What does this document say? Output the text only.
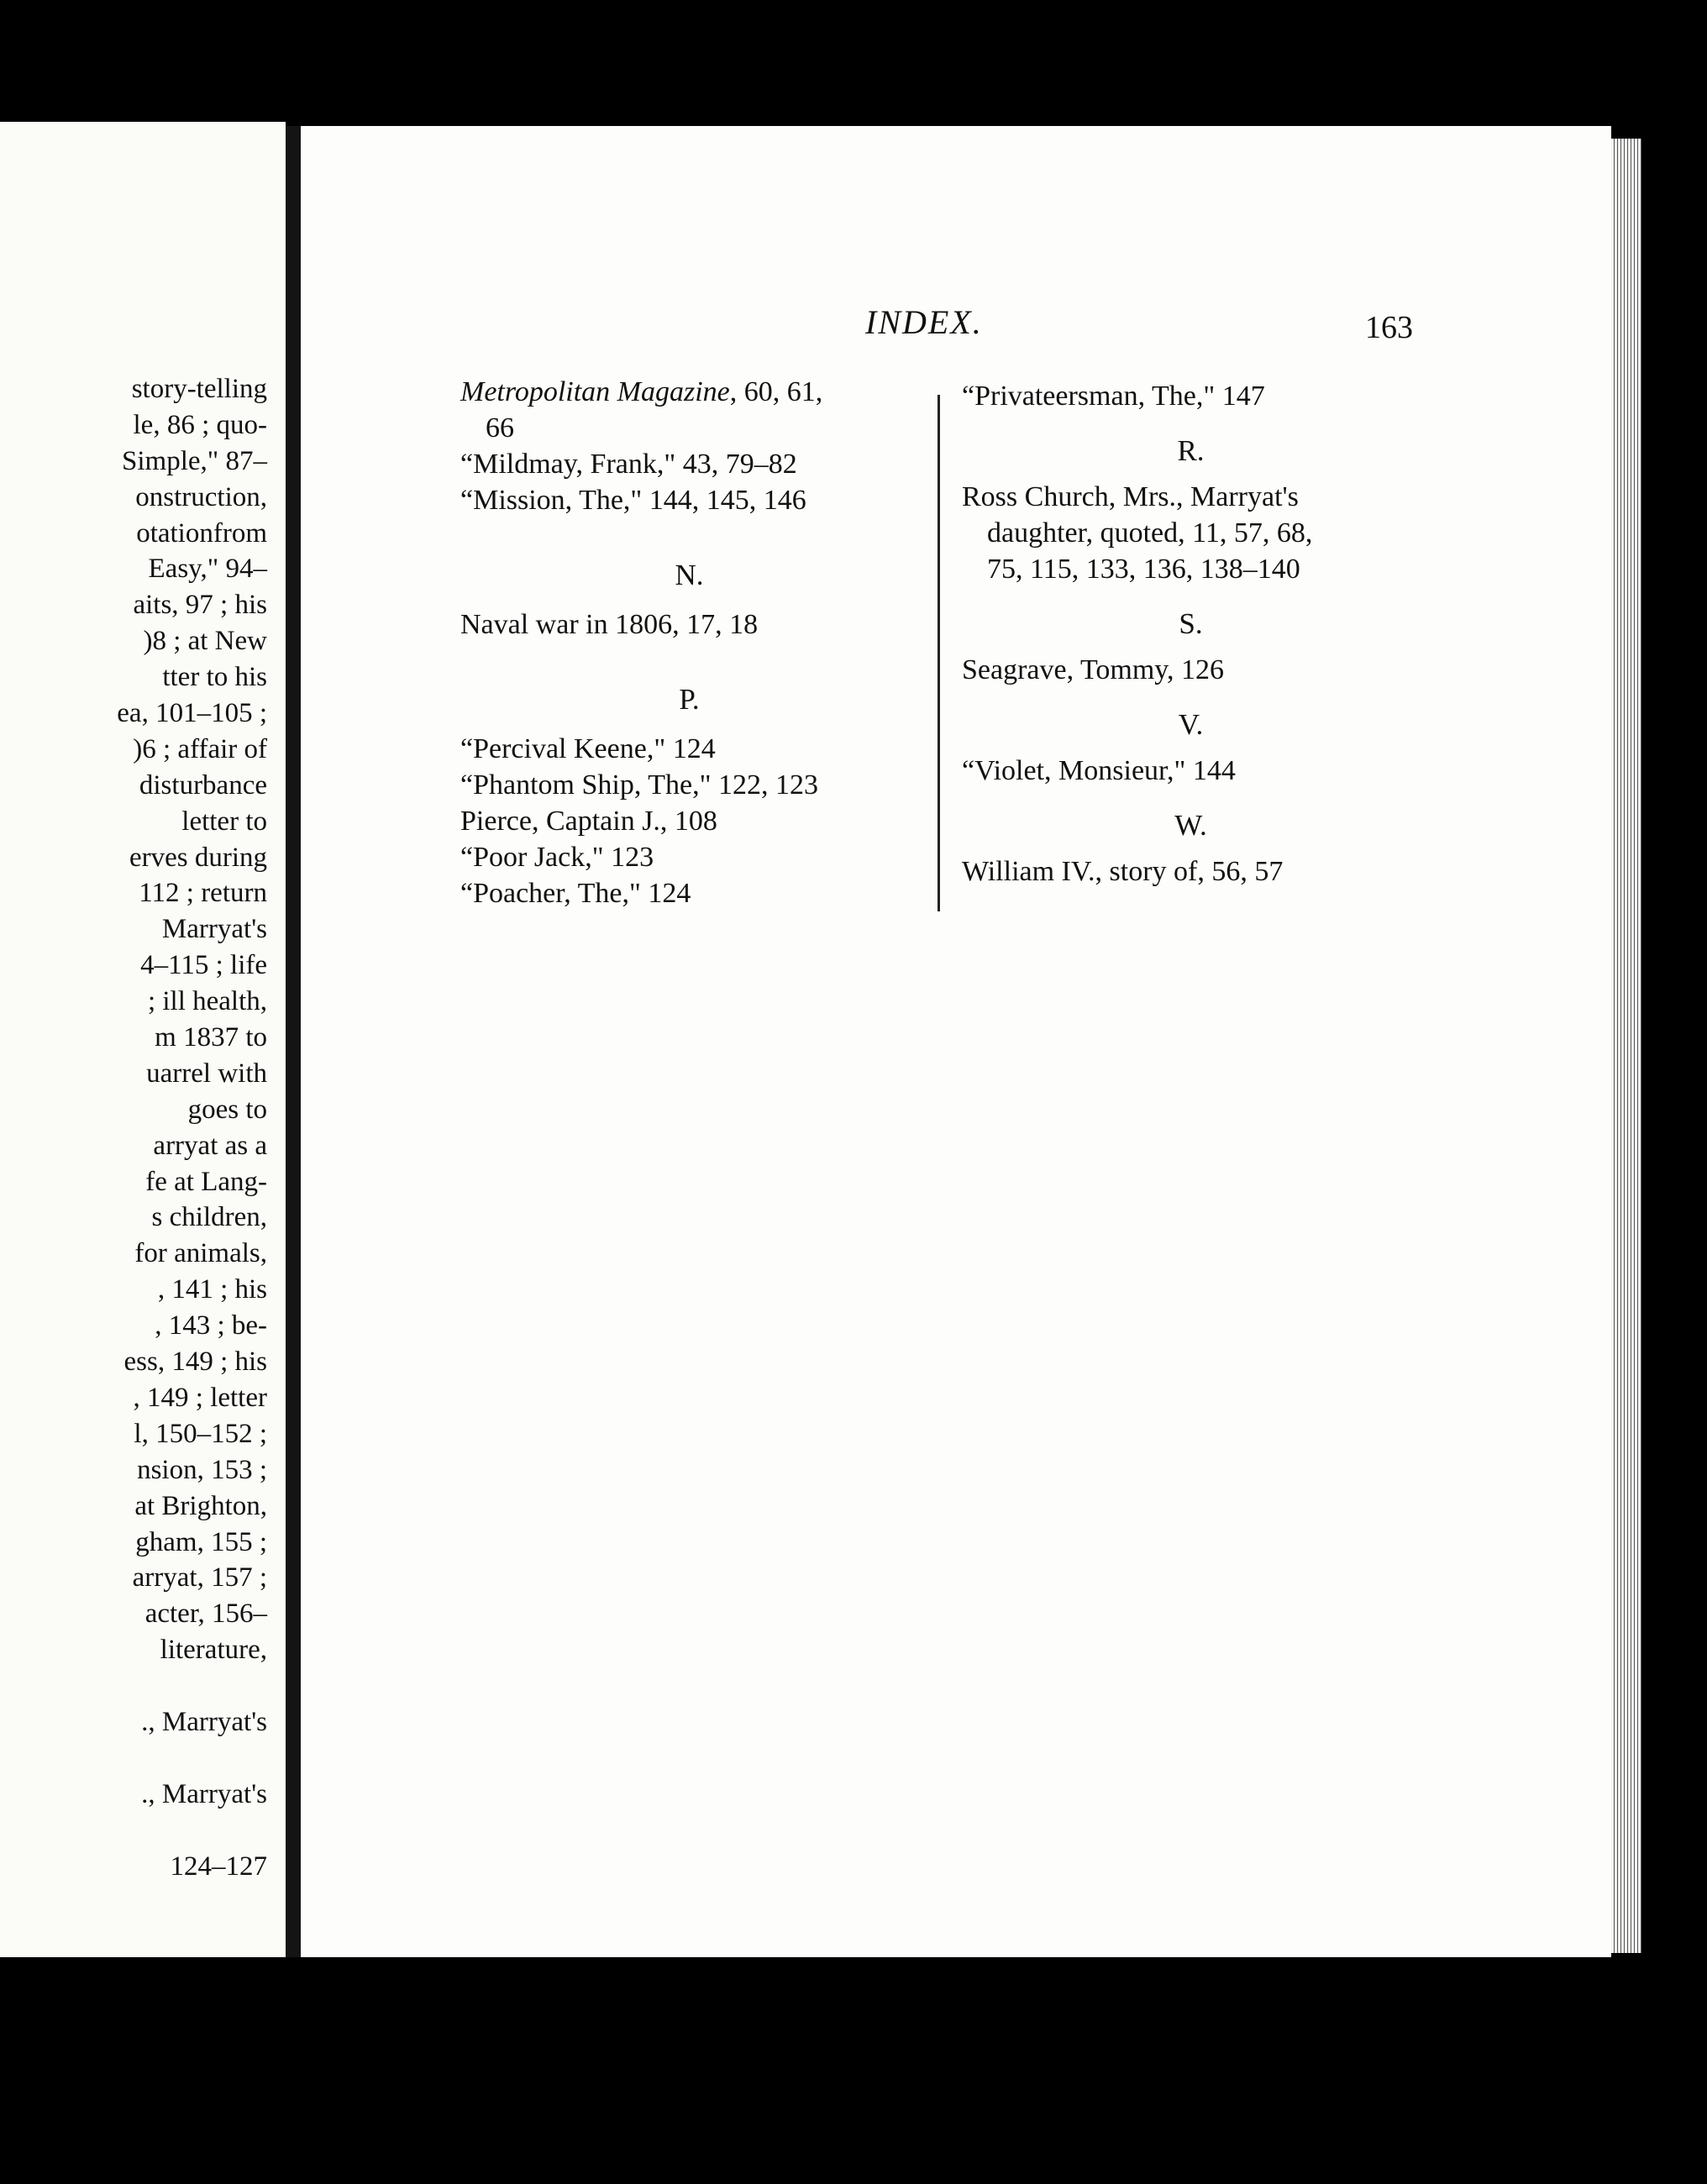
story-telling
le, 86 ; quo-
Simple," 87–
onstruction,
otationfrom
Easy," 94–
aits, 97 ; his
)8 ; at New
tter to his
ea, 101–105 ;
)6 ; affair of
disturbance
letter to
erves during
112 ; return
Marryat's
4–115 ; life
; ill health,
m 1837 to
uarrel with
goes to
arryat as a
fe at Lang-
s children,
for animals,
, 141 ; his
, 143 ; be-
ess, 149 ; his
, 149 ; letter
l, 150–152 ;
nsion, 153 ;
at Brighton,
gham, 155 ;
arryat, 157 ;
acter, 156–
literature,
., Marryat's
., Marryat's
124–127
INDEX.	163
Metropolitan Magazine, 60, 61,
66
“Mildmay, Frank," 43, 79–82
“Mission, The," 144, 145, 146
N.
Naval war in 1806, 17, 18
P.
“Percival Keene," 124
“Phantom Ship, The," 122, 123
Pierce, Captain J., 108
“Poor Jack," 123
“Poacher, The," 124
“Privateersman, The," 147
R.
Ross Church, Mrs., Marryat's
daughter, quoted, 11, 57, 68,
75, 115, 133, 136, 138–140
S.
Seagrave, Tommy, 126
V.
“Violet, Monsieur," 144
W.
William IV., story of, 56, 57
